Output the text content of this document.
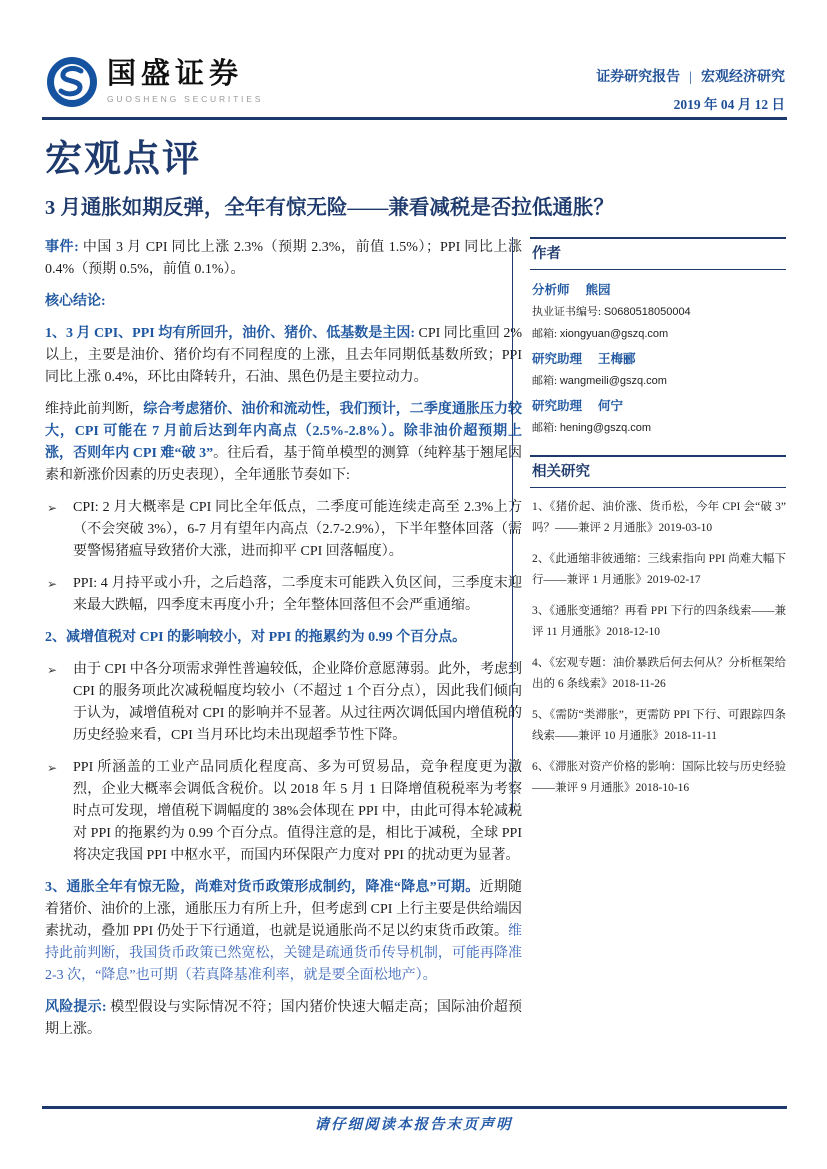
国盛证券
GUOSHENG SECURITIES
证券研究报告 | 宏观经济研究
2019 年 04 月 12 日
宏观点评
3 月通胀如期反弹，全年有惊无险——兼看减税是否拉低通胀？

事件: 中国 3 月 CPI 同比上涨 2.3%（预期 2.3%，前值 1.5%）；PPI 同比上涨 0.4%（预期 0.5%，前值 0.1%）。

核心结论:

1、3 月 CPI、PPI 均有所回升，油价、猪价、低基数是主因: CPI 同比重回 2%以上，主要是油价、猪价均有不同程度的上涨，且去年同期低基数所致；PPI 同比上涨 0.4%，环比由降转升，石油、黑色仍是主要拉动力。

维持此前判断，综合考虑猪价、油价和流动性，我们预计，二季度通胀压力较大，CPI 可能在 7 月前后达到年内高点（2.5%-2.8%）。除非油价超预期上涨，否则年内 CPI 难“破 3”。往后看，基于简单模型的测算（纯粹基于翘尾因素和新涨价因素的历史表现），全年通胀节奏如下:

➢	CPI: 2 月大概率是 CPI 同比全年低点，二季度可能连续走高至 2.3%上方（不会突破 3%），6-7 月有望年内高点（2.7-2.9%），下半年整体回落（需要警惕猪瘟导致猪价大涨，进而抑平 CPI 回落幅度）。
➢	PPI: 4 月持平或小升，之后趋落，二季度末可能跌入负区间，三季度末迎来最大跌幅，四季度末再度小升；全年整体回落但不会严重通缩。

2、减增值税对 CPI 的影响较小，对 PPI 的拖累约为 0.99 个百分点。

➢	由于 CPI 中各分项需求弹性普遍较低，企业降价意愿薄弱。此外，考虑到 CPI 的服务项此次减税幅度均较小（不超过 1 个百分点），因此我们倾向于认为，减增值税对 CPI 的影响并不显著。从过往两次调低国内增值税的历史经验来看，CPI 当月环比均未出现超季节性下降。
➢	PPI 所涵盖的工业产品同质化程度高、多为可贸易品，竞争程度更为激烈，企业大概率会调低含税价。以 2018 年 5 月 1 日降增值税税率为考察时点可发现，增值税下调幅度的 38%会体现在 PPI 中，由此可得本轮减税对 PPI 的拖累约为 0.99 个百分点。值得注意的是，相比于减税，全球 PPI 将决定我国 PPI 中枢水平，而国内环保限产力度对 PPI 的扰动更为显著。

3、通胀全年有惊无险，尚难对货币政策形成制约，降准“降息”可期。近期随着猪价、油价的上涨，通胀压力有所上升，但考虑到 CPI 上行主要是供给端因素扰动，叠加 PPI 仍处于下行通道，也就是说通胀尚不足以约束货币政策。维持此前判断，我国货币政策已然宽松，关键是疏通货币传导机制，可能再降准 2-3 次，“降息”也可期（若真降基准利率，就是要全面松地产）。

风险提示: 模型假设与实际情况不符；国内猪价快速大幅走高；国际油价超预期上涨。

作者
分析师 熊园
执业证书编号: S0680518050004
邮箱: xiongyuan@gszq.com
研究助理 王梅郦
邮箱: wangmeili@gszq.com
研究助理 何宁
邮箱: hening@gszq.com
相关研究
1、《猪价起、油价涨、货币松，今年 CPI 会“破 3”吗？——兼评 2 月通胀》2019-03-10
2、《此通缩非彼通缩：三线索指向 PPI 尚难大幅下行——兼评 1 月通胀》2019-02-17
3、《通胀变通缩？再看 PPI 下行的四条线索——兼评 11 月通胀》2018-12-10
4、《宏观专题：油价暴跌后何去何从？分析框架给出的 6 条线索》2018-11-26
5、《需防“类滞胀”，更需防 PPI 下行、可跟踪四条线索——兼评 10 月通胀》2018-11-11
6、《滞胀对资产价格的影响：国际比较与历史经验——兼评 9 月通胀》2018-10-16
请仔细阅读本报告末页声明
